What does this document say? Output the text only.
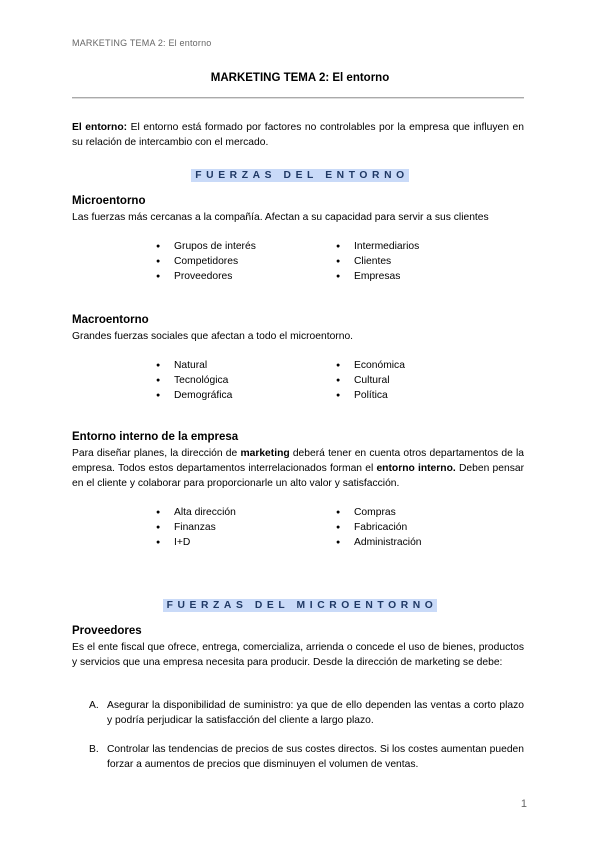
MARKETING TEMA 2: El entorno
MARKETING TEMA 2: El entorno
El entorno: El entorno está formado por factores no controlables por la empresa que influyen en su relación de intercambio con el mercado.
FUERZAS DEL ENTORNO
Microentorno
Las fuerzas más cercanas a la compañía. Afectan a su capacidad para servir a sus clientes
● Grupos de interés
● Competidores
● Proveedores
● Intermediarios
● Clientes
● Empresas
Macroentorno
Grandes fuerzas sociales que afectan a todo el microentorno.
● Natural
● Tecnológica
● Demográfica
● Económica
● Cultural
● Política
Entorno interno de la empresa
Para diseñar planes, la dirección de marketing deberá tener en cuenta otros departamentos de la empresa. Todos estos departamentos interrelacionados forman el entorno interno. Deben pensar en el cliente y colaborar para proporcionarle un alto valor y satisfacción.
● Alta dirección
● Finanzas
● I+D
● Compras
● Fabricación
● Administración
FUERZAS DEL MICROENTORNO
Proveedores
Es el ente fiscal que ofrece, entrega, comercializa, arrienda o concede el uso de bienes, productos y servicios que una empresa necesita para producir. Desde la dirección de marketing se debe:
A. Asegurar la disponibilidad de suministro: ya que de ello dependen las ventas a corto plazo y podría perjudicar la satisfacción del cliente a largo plazo.
B. Controlar las tendencias de precios de sus costes directos. Si los costes aumentan pueden forzar a aumentos de precios que disminuyen el volumen de ventas.
1
